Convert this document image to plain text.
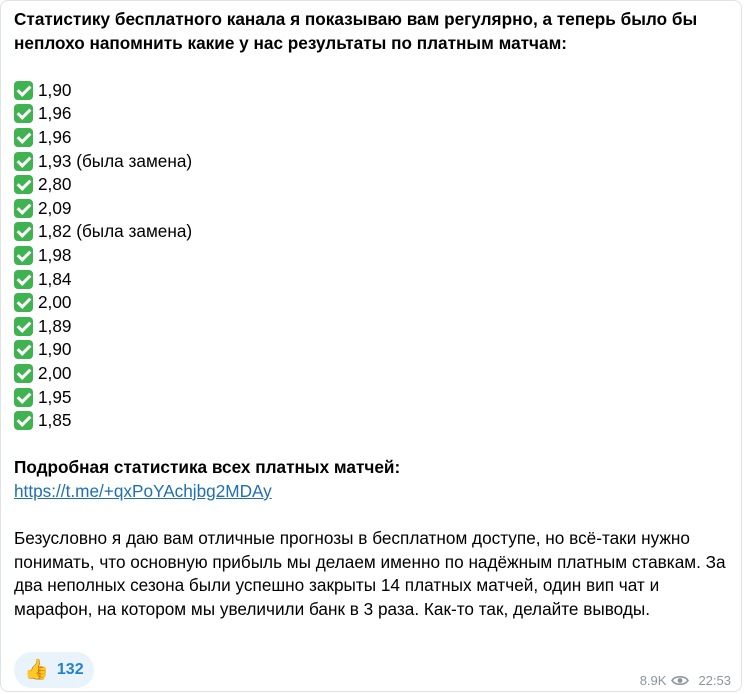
Статистику бесплатного канала я показываю вам регулярно, а теперь было бы неплохо напомнить какие у нас результаты по платным матчам:
1,90
1,96
1,96
1,93 (была замена)
2,80
2,09
1,82 (была замена)
1,98
1,84
2,00
1,89
1,90
2,00
1,95
1,85
Подробная статистика всех платных матчей:
https://t.me/+qxPoYAchjbg2MDAy
Безусловно я даю вам отличные прогнозы в бесплатном доступе, но всё-таки нужно понимать, что основную прибыль мы делаем именно по надёжным платным ставкам. За два неполных сезона были успешно закрыты 14 платных матчей, один вип чат и марафон, на котором мы увеличили банк в 3 раза. Как-то так, делайте выводы.
👍 132
8.9K 22:53
